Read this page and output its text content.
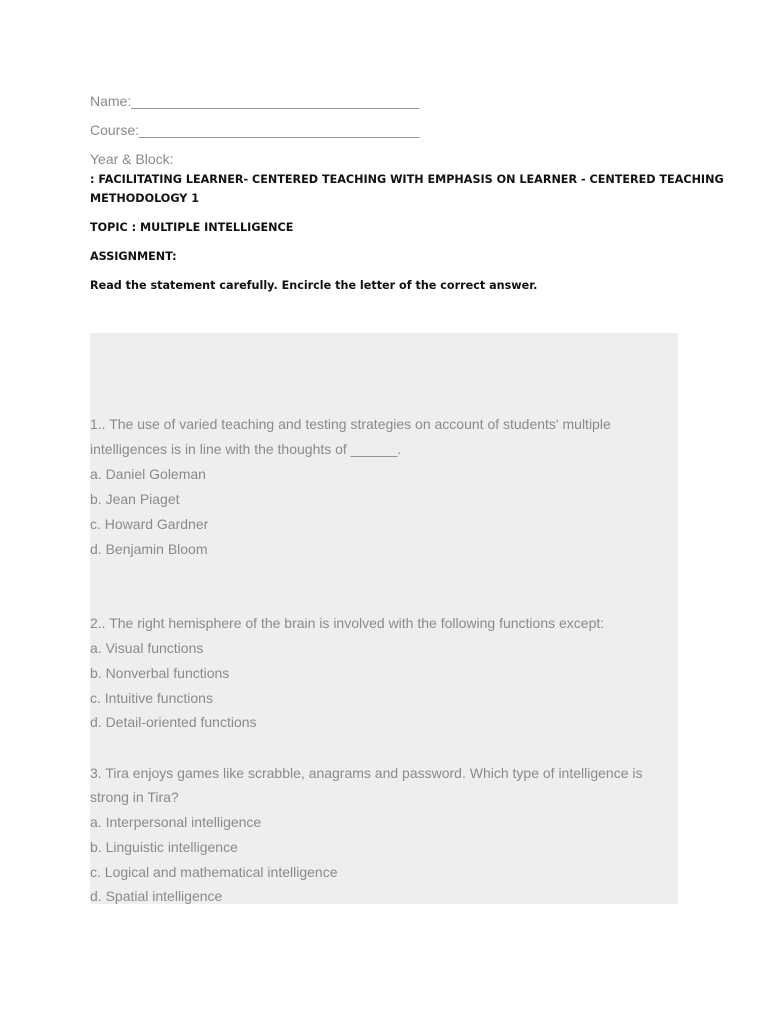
Name:_____________________________________

Course:____________________________________

Year & Block:

: FACILITATING LEARNER- CENTERED TEACHING WITH EMPHASIS ON LEARNER - CENTERED TEACHING

METHODOLOGY 1

TOPIC : MULTIPLE INTELLIGENCE

ASSIGNMENT:

Read the statement carefully. Encircle the letter of the correct answer.

1.. The use of varied teaching and testing strategies on account of students' multiple

intelligences is in line with the thoughts of ______.

a. Daniel Goleman

b. Jean Piaget

c. Howard Gardner

d. Benjamin Bloom

2.. The right hemisphere of the brain is involved with the following functions except:

a. Visual functions

b. Nonverbal functions

c. Intuitive functions

d. Detail-oriented functions

3. Tira enjoys games like scrabble, anagrams and password. Which type of intelligence is

strong in Tira?

a. Interpersonal intelligence

b. Linguistic intelligence

c. Logical and mathematical intelligence

d. Spatial intelligence
